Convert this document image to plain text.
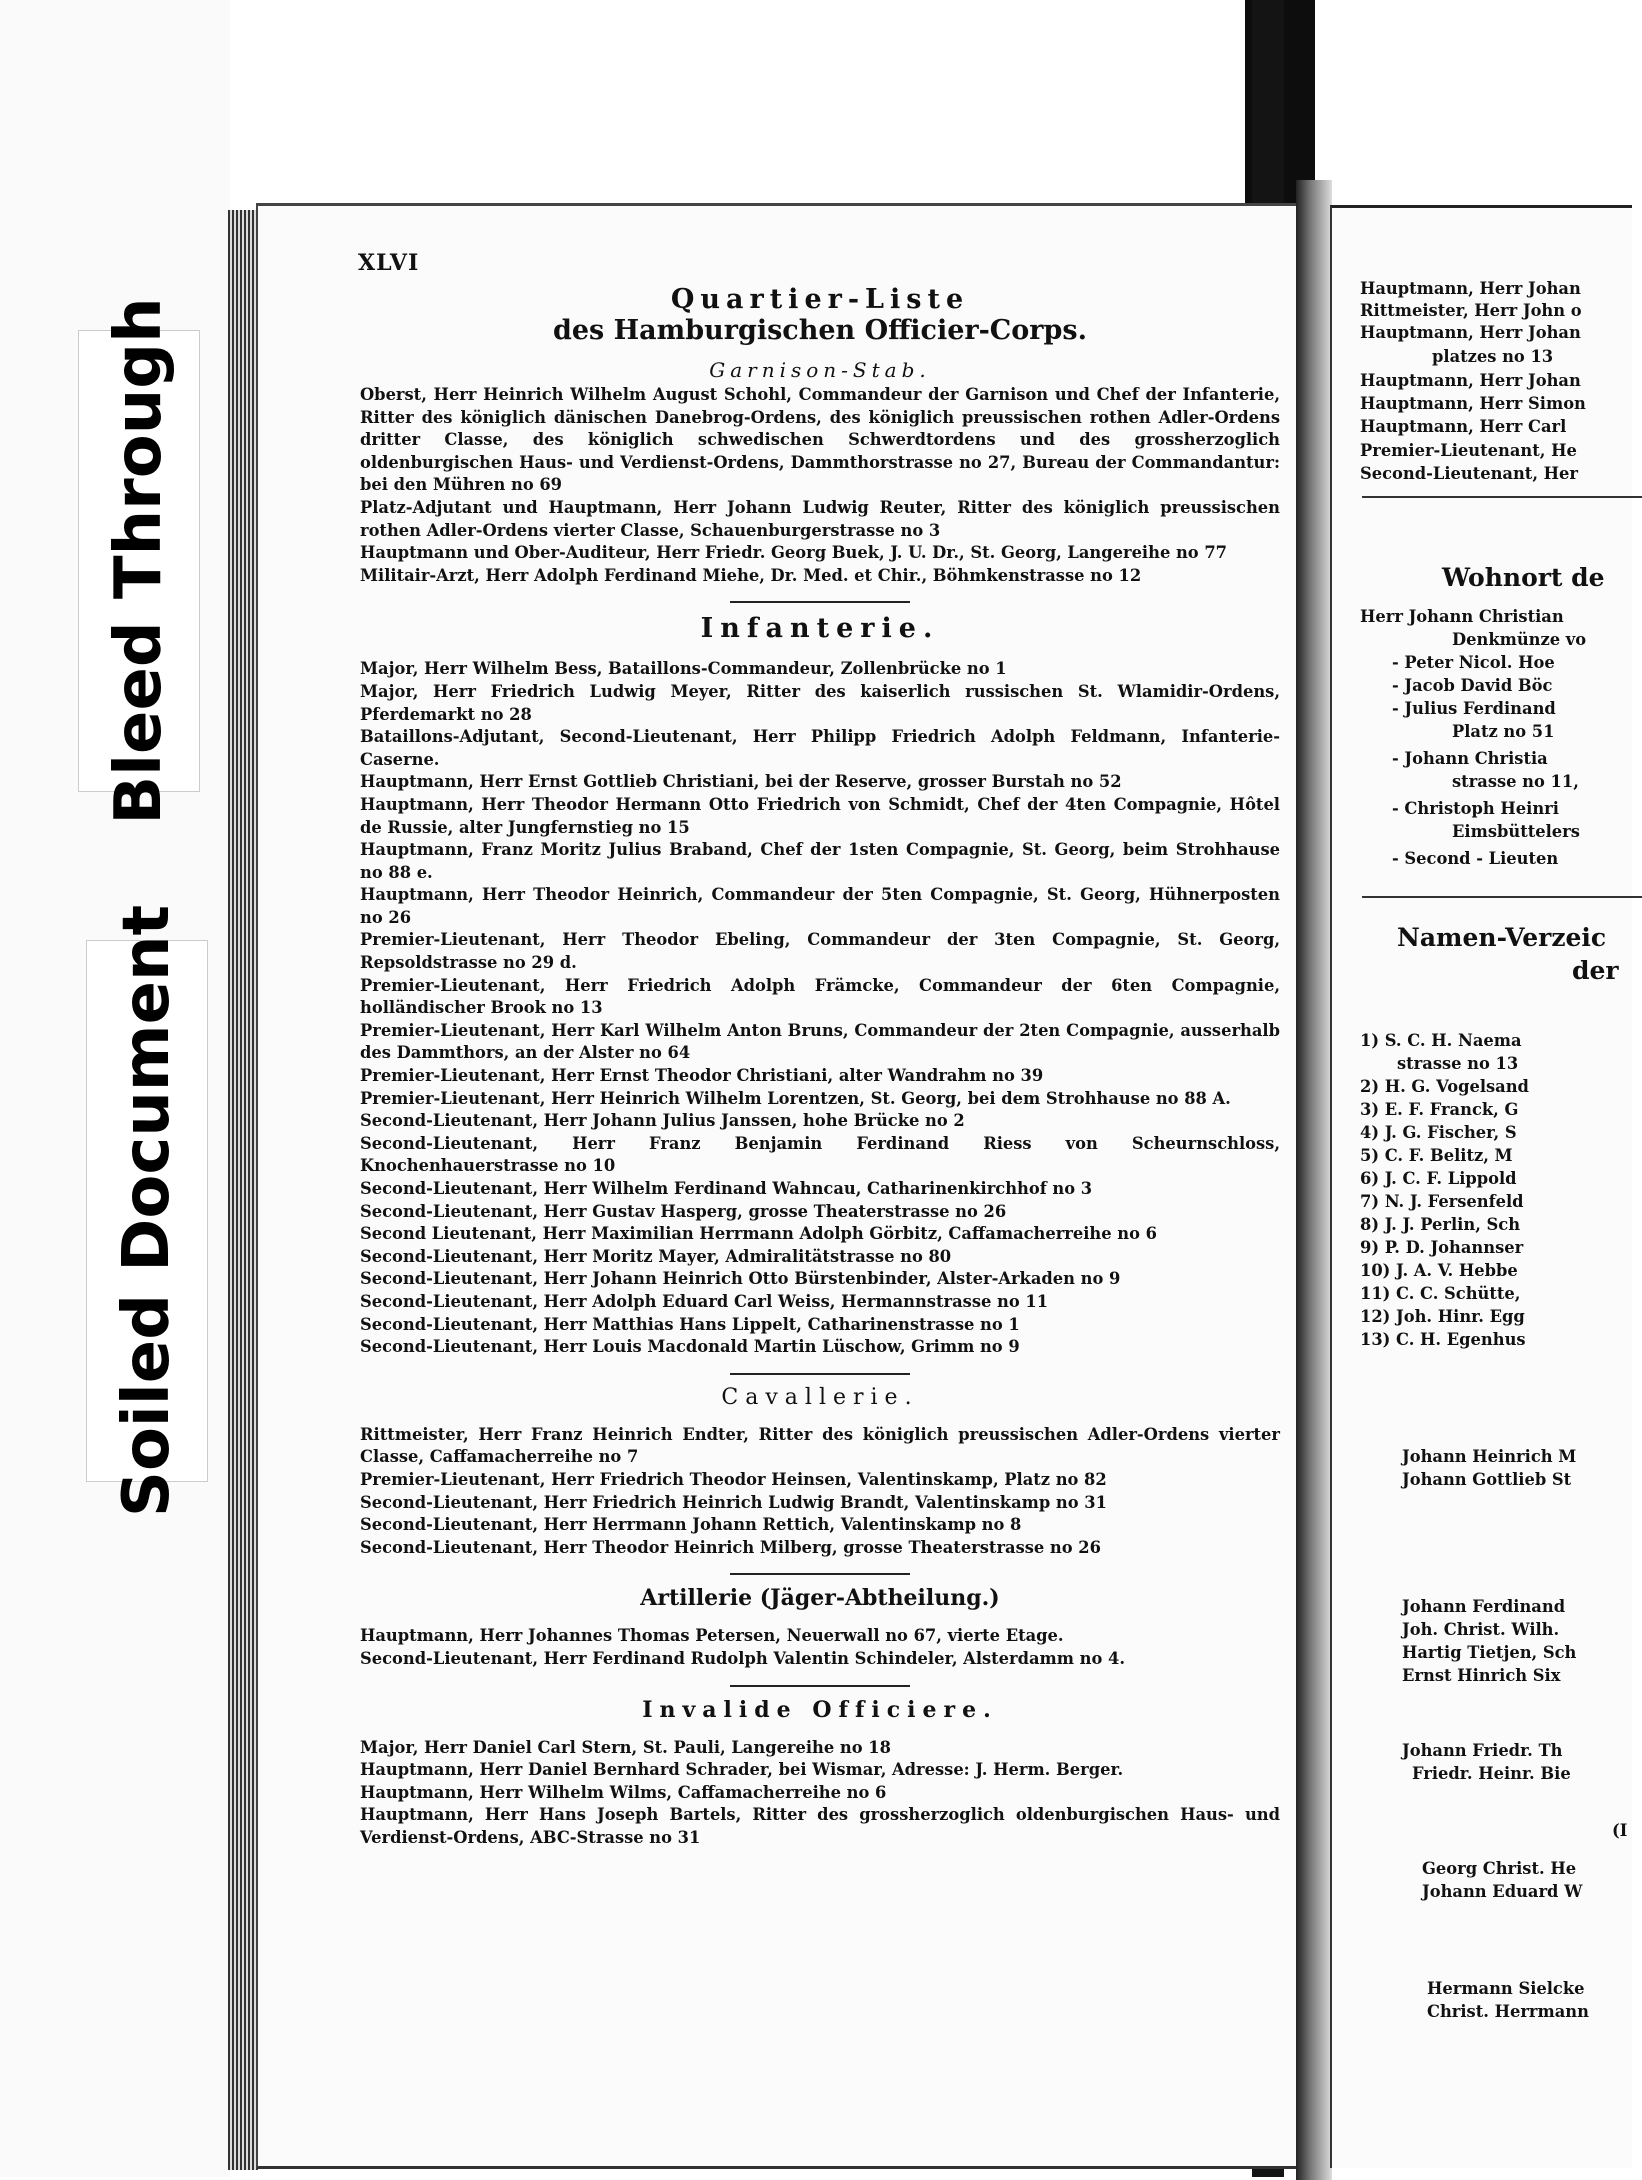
Bleed Through
Soiled Document
XLVI
Quartier-Liste
des Hamburgischen Officier-Corps.
Garnison-Stab.
Oberst, Herr Heinrich Wilhelm August Schohl, Commandeur der Garnison und Chef der Infanterie, Ritter des königlich dänischen Danebrog-Ordens, des königlich preussischen rothen Adler-Ordens dritter Classe, des königlich schwedischen Schwerdtordens und des grossherzoglich oldenburgischen Haus- und Verdienst-Ordens, Dammthorstrasse no 27, Bureau der Commandantur: bei den Mühren no 69
Platz-Adjutant und Hauptmann, Herr Johann Ludwig Reuter, Ritter des königlich preussischen rothen Adler-Ordens vierter Classe, Schauenburgerstrasse no 3
Hauptmann und Ober-Auditeur, Herr Friedr. Georg Buek, J. U. Dr., St. Georg, Langereihe no 77
Militair-Arzt, Herr Adolph Ferdinand Miehe, Dr. Med. et Chir., Böhmkenstrasse no 12
Infanterie.
Major, Herr Wilhelm Bess, Bataillons-Commandeur, Zollenbrücke no 1
Major, Herr Friedrich Ludwig Meyer, Ritter des kaiserlich russischen St. Wlamidir-Ordens, Pferdemarkt no 28
Bataillons-Adjutant, Second-Lieutenant, Herr Philipp Friedrich Adolph Feldmann, Infanterie-Caserne.
Hauptmann, Herr Ernst Gottlieb Christiani, bei der Reserve, grosser Burstah no 52
Hauptmann, Herr Theodor Hermann Otto Friedrich von Schmidt, Chef der 4ten Compagnie, Hôtel de Russie, alter Jungfernstieg no 15
Hauptmann, Franz Moritz Julius Braband, Chef der 1sten Compagnie, St. Georg, beim Strohhause no 88 e.
Hauptmann, Herr Theodor Heinrich, Commandeur der 5ten Compagnie, St. Georg, Hühnerposten no 26
Premier-Lieutenant, Herr Theodor Ebeling, Commandeur der 3ten Compagnie, St. Georg, Repsoldstrasse no 29 d.
Premier-Lieutenant, Herr Friedrich Adolph Främcke, Commandeur der 6ten Compagnie, holländischer Brook no 13
Premier-Lieutenant, Herr Karl Wilhelm Anton Bruns, Commandeur der 2ten Compagnie, ausserhalb des Dammthors, an der Alster no 64
Premier-Lieutenant, Herr Ernst Theodor Christiani, alter Wandrahm no 39
Premier-Lieutenant, Herr Heinrich Wilhelm Lorentzen, St. Georg, bei dem Strohhause no 88 A.
Second-Lieutenant, Herr Johann Julius Janssen, hohe Brücke no 2
Second-Lieutenant, Herr Franz Benjamin Ferdinand Riess von Scheurnschloss, Knochenhauerstrasse no 10
Second-Lieutenant, Herr Wilhelm Ferdinand Wahncau, Catharinenkirchhof no 3
Second-Lieutenant, Herr Gustav Hasperg, grosse Theaterstrasse no 26
Second Lieutenant, Herr Maximilian Herrmann Adolph Görbitz, Caffamacherreihe no 6
Second-Lieutenant, Herr Moritz Mayer, Admiralitätstrasse no 80
Second-Lieutenant, Herr Johann Heinrich Otto Bürstenbinder, Alster-Arkaden no 9
Second-Lieutenant, Herr Adolph Eduard Carl Weiss, Hermannstrasse no 11
Second-Lieutenant, Herr Matthias Hans Lippelt, Catharinenstrasse no 1
Second-Lieutenant, Herr Louis Macdonald Martin Lüschow, Grimm no 9
Cavallerie.
Rittmeister, Herr Franz Heinrich Endter, Ritter des königlich preussischen Adler-Ordens vierter Classe, Caffamacherreihe no 7
Premier-Lieutenant, Herr Friedrich Theodor Heinsen, Valentinskamp, Platz no 82
Second-Lieutenant, Herr Friedrich Heinrich Ludwig Brandt, Valentinskamp no 31
Second-Lieutenant, Herr Herrmann Johann Rettich, Valentinskamp no 8
Second-Lieutenant, Herr Theodor Heinrich Milberg, grosse Theaterstrasse no 26
Artillerie (Jäger-Abtheilung.)
Hauptmann, Herr Johannes Thomas Petersen, Neuerwall no 67, vierte Etage.
Second-Lieutenant, Herr Ferdinand Rudolph Valentin Schindeler, Alsterdamm no 4.
Invalide Officiere.
Major, Herr Daniel Carl Stern, St. Pauli, Langereihe no 18
Hauptmann, Herr Daniel Bernhard Schrader, bei Wismar, Adresse: J. Herm. Berger.
Hauptmann, Herr Wilhelm Wilms, Caffamacherreihe no 6
Hauptmann, Herr Hans Joseph Bartels, Ritter des grossherzoglich oldenburgischen Haus- und Verdienst-Ordens, ABC-Strasse no 31
Hauptmann, Herr Johan
Rittmeister, Herr John o
Hauptmann, Herr Johan
platzes no 13
Hauptmann, Herr Johan
Hauptmann, Herr Simon
Hauptmann, Herr Carl
Premier-Lieutenant, He
Second-Lieutenant, Her
Wohnort de
Herr Johann Christian
Denkmünze vo
- Peter Nicol. Hoe
- Jacob David Böc
- Julius Ferdinand
Platz no 51
- Johann Christia
strasse no 11,
- Christoph Heinri
Eimsbüttelers
- Second - Lieuten
Namen-Verzeic
der
1) S. C. H. Naema
strasse no 13
2) H. G. Vogelsand
3) E. F. Franck, G
4) J. G. Fischer, S
5) C. F. Belitz, M
6) J. C. F. Lippold
7) N. J. Fersenfeld
8) J. J. Perlin, Sch
9) P. D. Johannser
10) J. A. V. Hebbe
11) C. C. Schütte,
12) Joh. Hinr. Egg
13) C. H. Egenhus
Johann Heinrich M
Johann Gottlieb St
Johann Ferdinand
Joh. Christ. Wilh.
Hartig Tietjen, Sch
Ernst Hinrich Six
Johann Friedr. Th
Friedr. Heinr. Bie
(I
Georg Christ. He
Johann Eduard W
Hermann Sielcke
Christ. Herrmann
